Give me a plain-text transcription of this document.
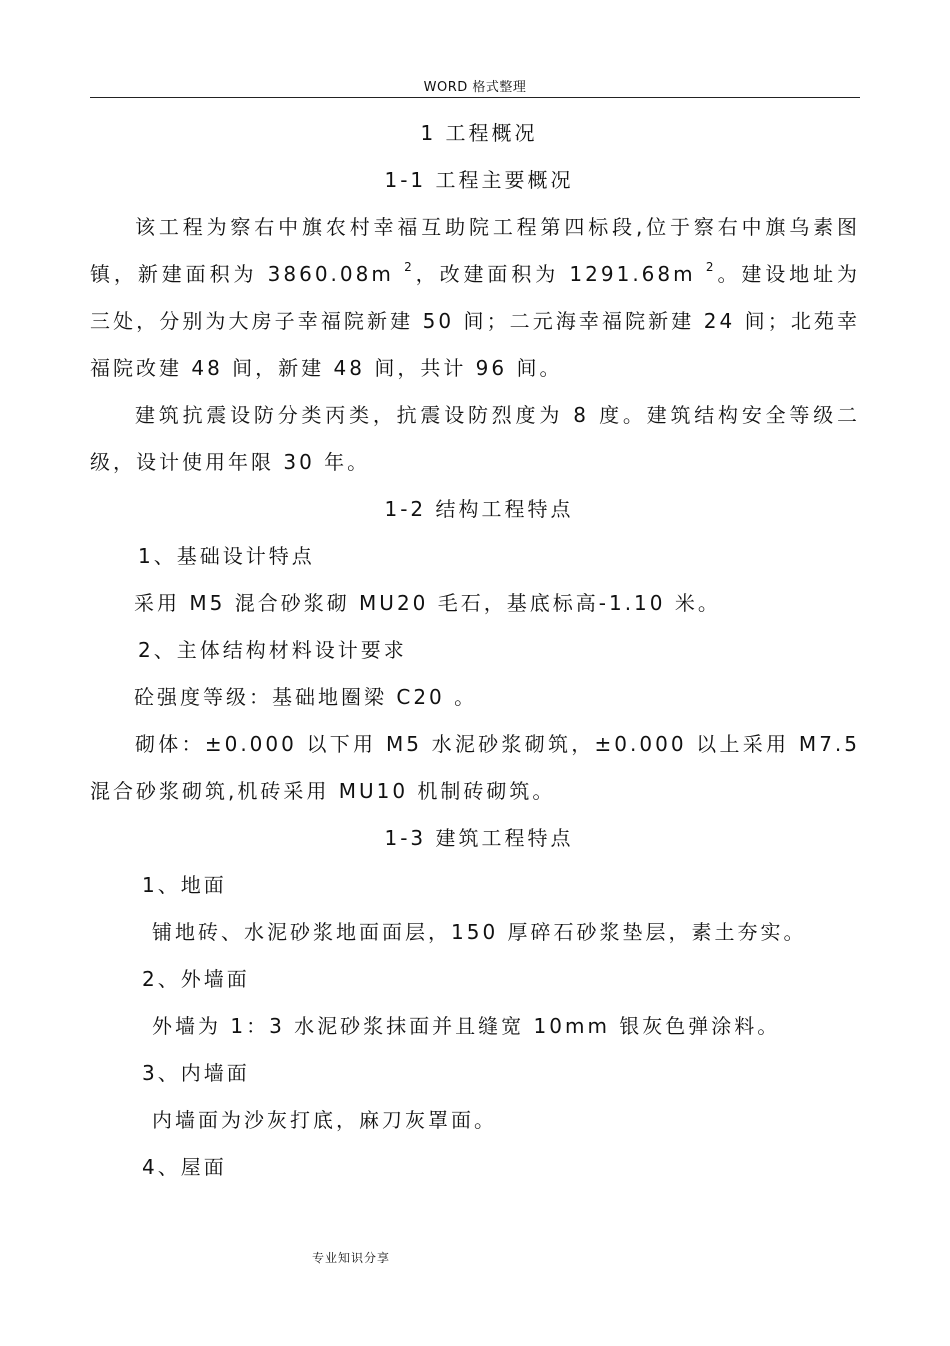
WORD 格式整理

1 工程概况

1-1 工程主要概况

该工程为察右中旗农村幸福互助院工程第四标段,位于察右中旗乌素图镇，新建面积为 3860.08m $^2$，改建面积为 1291.68m $^2$。建设地址为三处，分别为大房子幸福院新建 50 间；二元海幸福院新建 24 间；北苑幸福院改建 48 间，新建 48 间，共计 96 间。

建筑抗震设防分类丙类，抗震设防烈度为 8 度。建筑结构安全等级二级，设计使用年限 30 年。

1-2 结构工程特点

1、基础设计特点

采用 M5 混合砂浆砌 MU20 毛石，基底标高-1.10 米。

2、主体结构材料设计要求

砼强度等级：基础地圈梁 C20 。

砌体：±0.000 以下用 M5 水泥砂浆砌筑，±0.000 以上采用 M7.5 混合砂浆砌筑,机砖采用 MU10 机制砖砌筑。

1-3 建筑工程特点

1、地面

铺地砖、水泥砂浆地面面层，150 厚碎石砂浆垫层，素土夯实。

2、外墙面

外墙为 1：3 水泥砂浆抹面并且缝宽 10mm 银灰色弹涂料。

3、内墙面

内墙面为沙灰打底，麻刀灰罩面。

4、屋面

专业知识分享
